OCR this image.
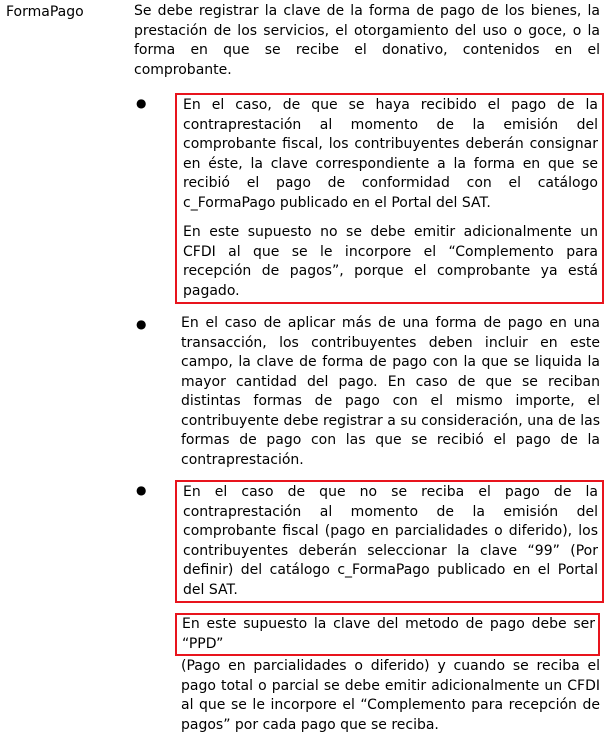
FormaPago	Se debe registrar la clave de la forma de pago de los bienes, la prestación de los servicios, el otorgamiento del uso o goce, o la forma en que se recibe el donativo, contenidos en el comprobante.

●	En el caso, de que se haya recibido el pago de la contraprestación al momento de la emisión del comprobante fiscal, los contribuyentes deberán consignar en éste, la clave correspondiente a la forma en que se recibió el pago de conformidad con el catálogo c_FormaPago publicado en el Portal del SAT.

En este supuesto no se debe emitir adicionalmente un CFDI al que se le incorpore el “Complemento para recepción de pagos”, porque el comprobante ya está pagado.

● En el caso de aplicar más de una forma de pago en una transacción, los contribuyentes deben incluir en este campo, la clave de forma de pago con la que se liquida la mayor cantidad del pago. En caso de que se reciban distintas formas de pago con el mismo importe, el contribuyente debe registrar a su consideración, una de las formas de pago con las que se recibió el pago de la contraprestación.

●	En el caso de que no se reciba el pago de la contraprestación al momento de la emisión del comprobante fiscal (pago en parcialidades o diferido), los contribuyentes deberán seleccionar la clave “99” (Por definir) del catálogo c_FormaPago publicado en el Portal del SAT.

En este supuesto la clave del metodo de pago debe ser “PPD”

(Pago en parcialidades o diferido) y cuando se reciba el pago total o parcial se debe emitir adicionalmente un CFDI al que se le incorpore el “Complemento para recepción de pagos” por cada pago que se reciba.
